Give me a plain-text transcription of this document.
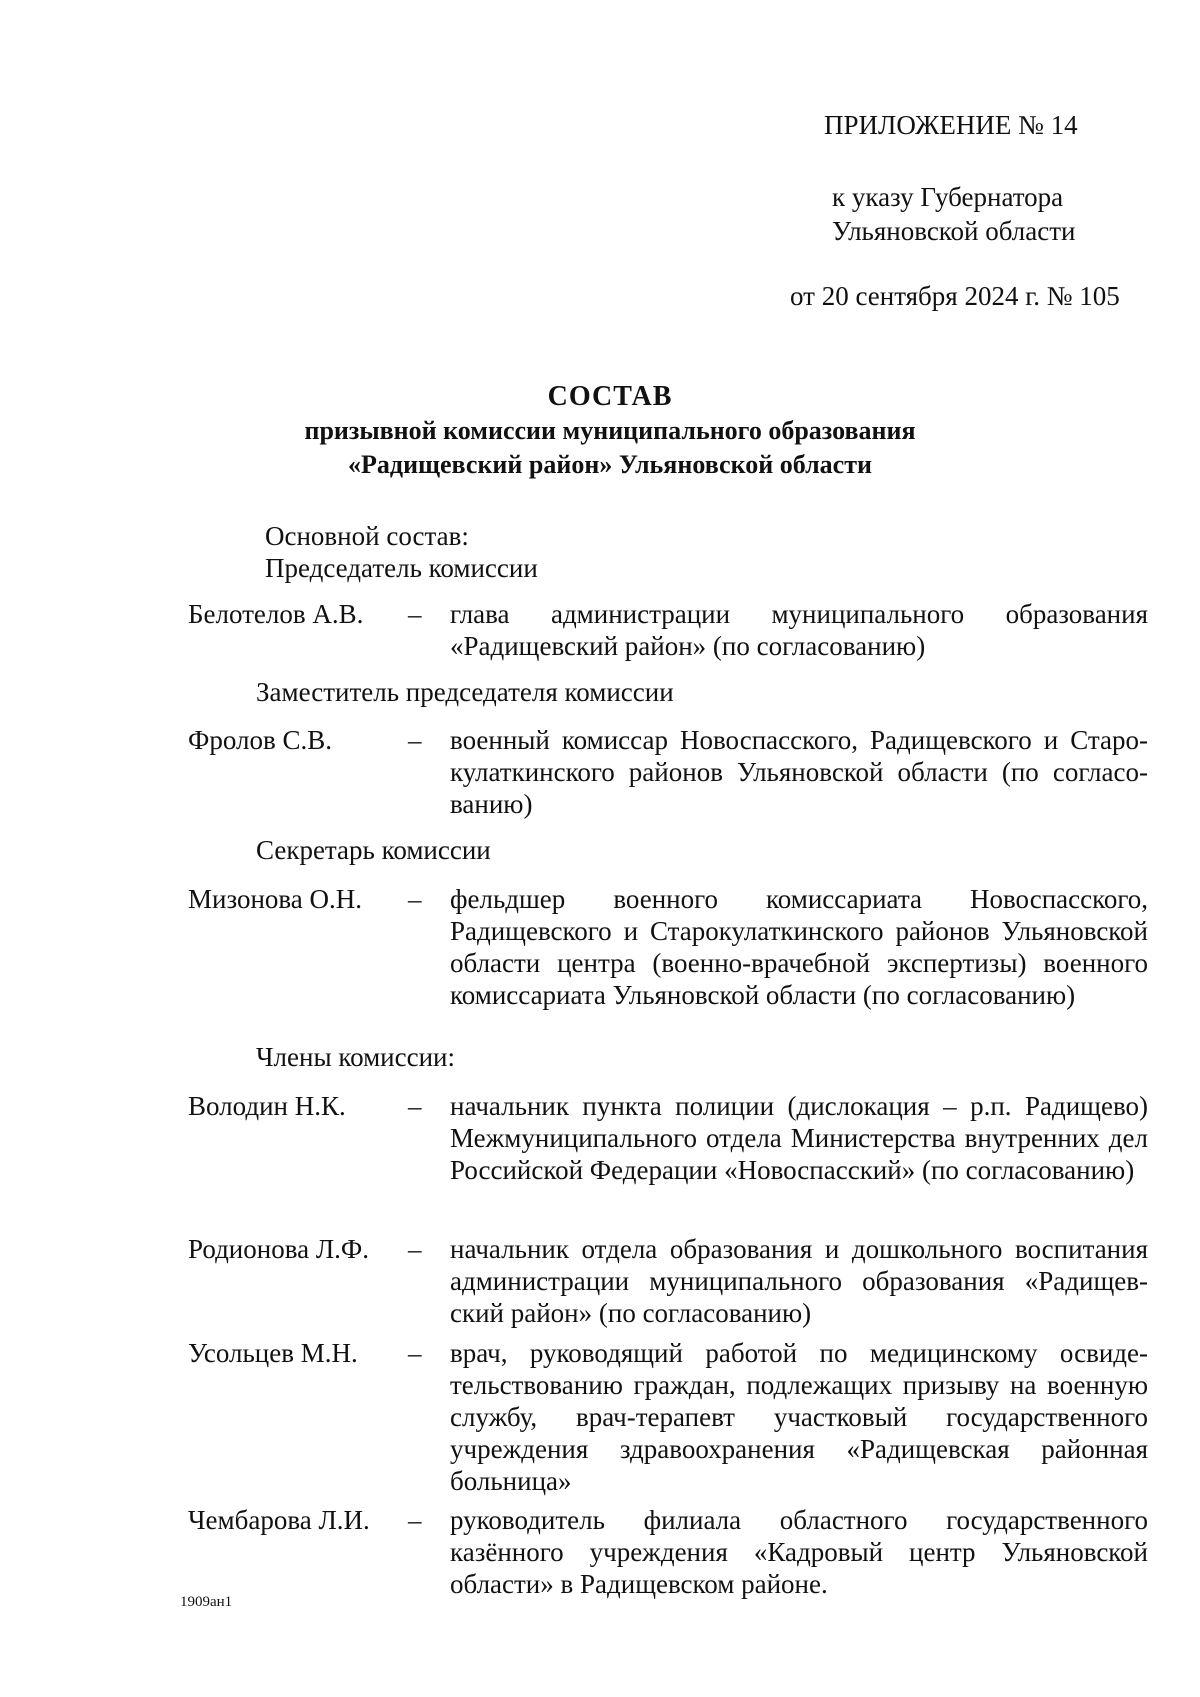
ПРИЛОЖЕНИЕ № 14
к указу Губернатора
Ульяновской области
от 20 сентября 2024 г. № 105
СОСТАВ
призывной комиссии муниципального образования
«Радищевский район» Ульяновской области
Основной состав:
Председатель комиссии
Белотелов А.В. – глава администрации муниципального образования «Радищевский район» (по согласованию)
Заместитель председателя комиссии
Фролов С.В.	– военный комиссар Новоспасского, Радищевского и Старокулаткинского районов Ульяновской области (по согласованию)
Секретарь комиссии
Мизонова О.Н. – фельдшер военного комиссариата Новоспасского, Радищевского и Старокулаткинского районов Ульяновской области центра (военно-врачебной экспертизы) военного комиссариата Ульяновской области (по согласованию)
Члены комиссии:
Володин Н.К. – начальник пункта полиции (дислокация – р.п. Радищево) Межмуниципального отдела Министерства внутренних дел Российской Федерации «Новоспасский» (по согласованию)
Родионова Л.Ф. – начальник отдела образования и дошкольного воспитания администрации муниципального образования «Радищевский район» (по согласованию)
Усольцев М.Н. – врач, руководящий работой по медицинскому освидетельствованию граждан, подлежащих призыву на военную службу, врач-терапевт участковый государственного учреждения здравоохранения «Радищевская районная больница»
Чембарова Л.И. – руководитель филиала областного государственного казённого учреждения «Кадровый центр Ульяновской области» в Радищевском районе.
1909ан1
